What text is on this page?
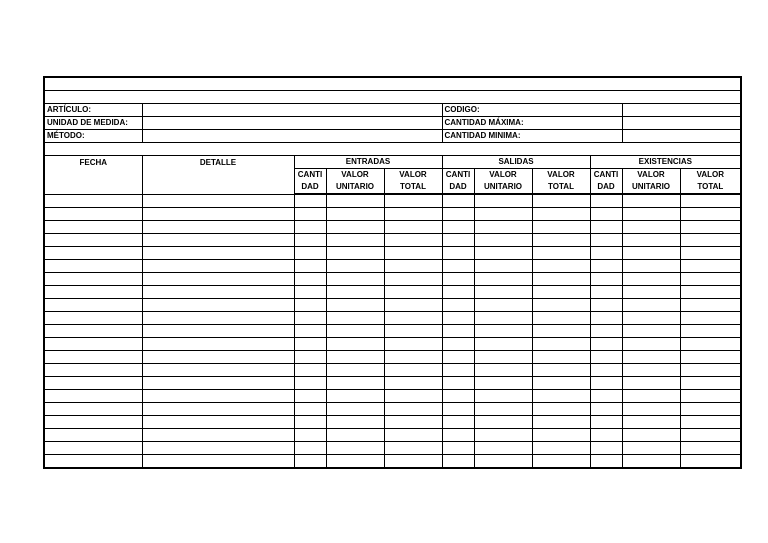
ARTÍCULO:					CODIGO:					
UNIDAD DE MEDIDA:					CANTIDAD MÁXIMA:					
MÉTODO:					CANTIDAD MINIMA:					

FECHA	DETALLE	ENTRADAS			SALIDAS			EXISTENCIAS		
		CANTI	VALOR	VALOR	CANTI	VALOR	VALOR	CANTI	VALOR	VALOR
		DAD	UNITARIO	TOTAL	DAD	UNITARIO	TOTAL	DAD	UNITARIO	TOTAL
